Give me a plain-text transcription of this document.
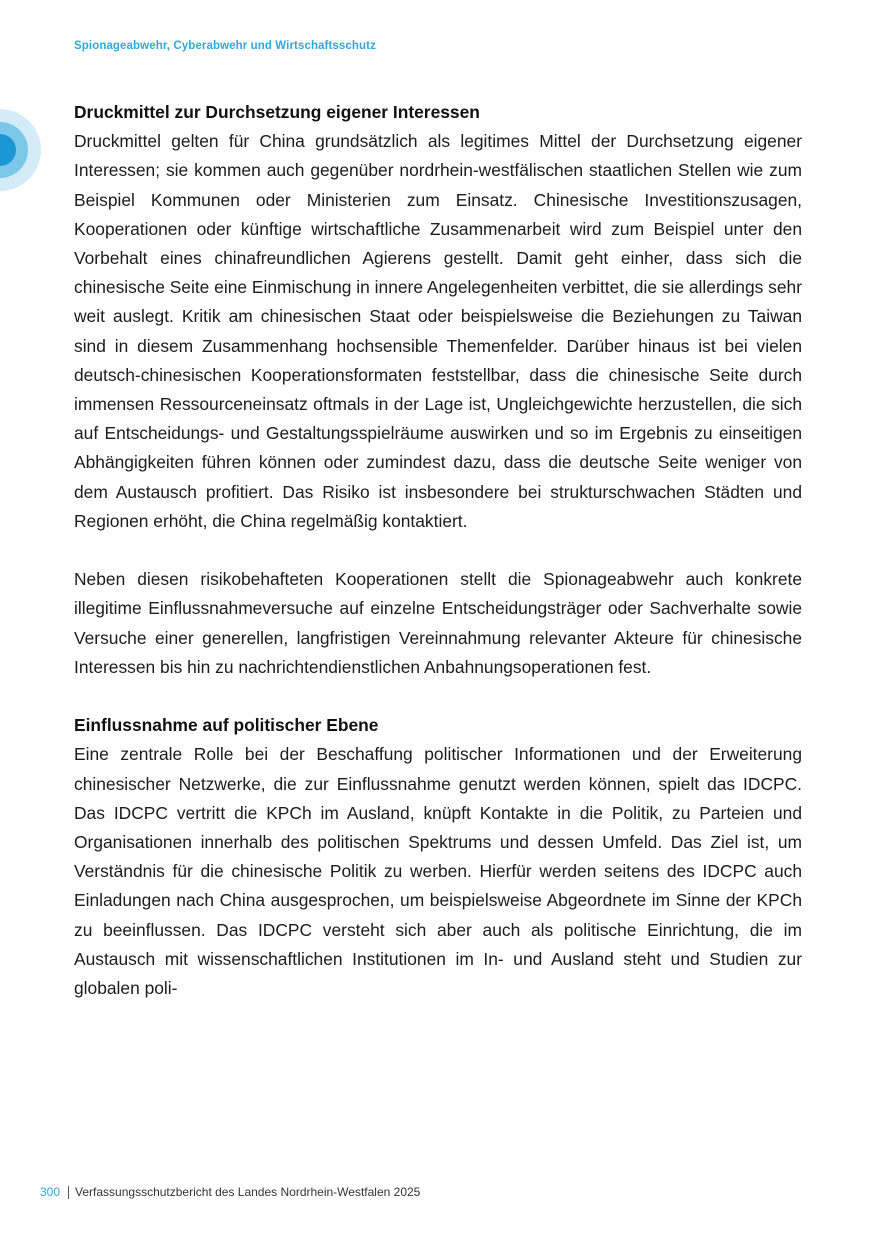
Spionageabwehr, Cyberabwehr und Wirtschaftsschutz
Druckmittel zur Durchsetzung eigener Interessen

Druckmittel gelten für China grundsätzlich als legitimes Mittel der Durchsetzung eigener Interessen; sie kommen auch gegenüber nordrhein-westfälischen staatlichen Stellen wie zum Beispiel Kommunen oder Ministerien zum Einsatz. Chinesische Investitionszusagen, Kooperationen oder künftige wirtschaftliche Zusammenarbeit wird zum Beispiel unter den Vorbehalt eines chinafreundlichen Agierens gestellt. Damit geht einher, dass sich die chinesische Seite eine Einmischung in innere Angelegenheiten verbittet, die sie allerdings sehr weit auslegt. Kritik am chinesischen Staat oder beispielsweise die Beziehungen zu Taiwan sind in diesem Zusammenhang hochsensible Themenfelder. Darüber hinaus ist bei vielen deutsch-chinesischen Kooperationsformaten feststellbar, dass die chinesische Seite durch immensen Ressourceneinsatz oftmals in der Lage ist, Ungleichgewichte herzustellen, die sich auf Entscheidungs- und Gestaltungsspielräume auswirken und so im Ergebnis zu einseitigen Abhängigkeiten führen können oder zumindest dazu, dass die deutsche Seite weniger von dem Austausch profitiert. Das Risiko ist insbesondere bei strukturschwachen Städten und Regionen erhöht, die China regelmäßig kontaktiert.

Neben diesen risikobehafteten Kooperationen stellt die Spionageabwehr auch konkrete illegitime Einflussnahmeversuche auf einzelne Entscheidungsträger oder Sachverhalte sowie Versuche einer generellen, langfristigen Vereinnahmung relevanter Akteure für chinesische Interessen bis hin zu nachrichtendienstlichen Anbahnungsoperationen fest.

Einflussnahme auf politischer Ebene

Eine zentrale Rolle bei der Beschaffung politischer Informationen und der Erweiterung chinesischer Netzwerke, die zur Einflussnahme genutzt werden können, spielt das IDCPC. Das IDCPC vertritt die KPCh im Ausland, knüpft Kontakte in die Politik, zu Parteien und Organisationen innerhalb des politischen Spektrums und dessen Umfeld. Das Ziel ist, um Verständnis für die chinesische Politik zu werben. Hierfür werden seitens des IDCPC auch Einladungen nach China ausgesprochen, um beispielsweise Abgeordnete im Sinne der KPCh zu beeinflussen. Das IDCPC versteht sich aber auch als politische Einrichtung, die im Austausch mit wissenschaftlichen Institutionen im In- und Ausland steht und Studien zur globalen poli-

300 Verfassungsschutzbericht des Landes Nordrhein-Westfalen 2025
